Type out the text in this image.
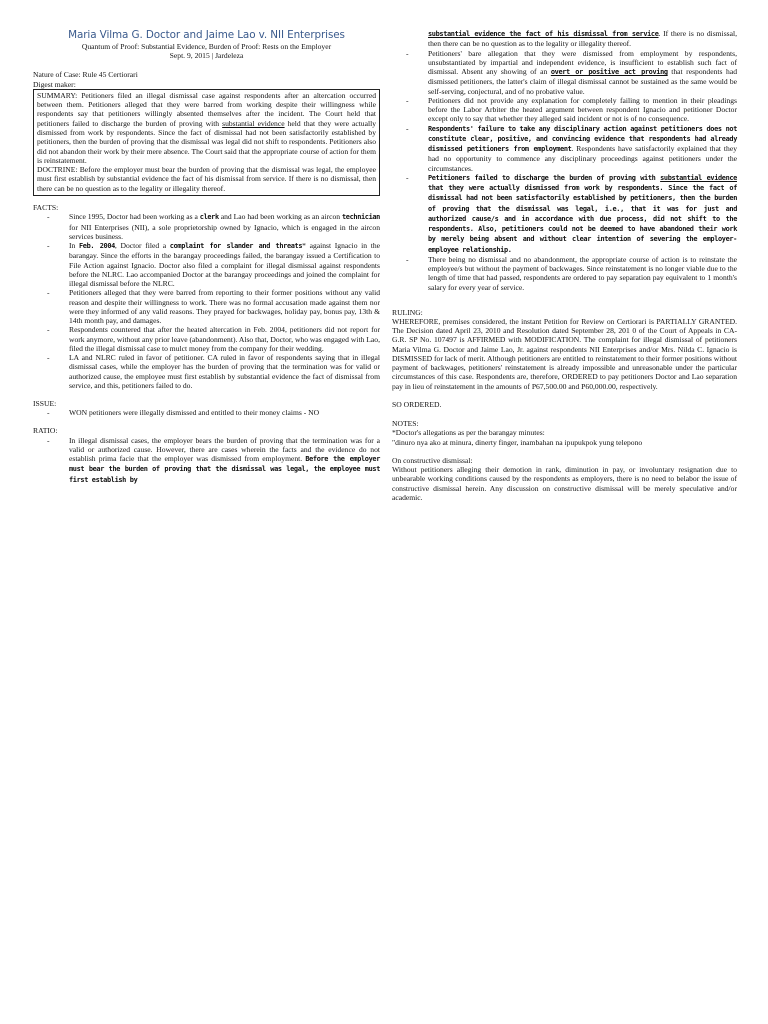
Maria Vilma G. Doctor and Jaime Lao v. NII Enterprises
Quantum of Proof: Substantial Evidence, Burden of Proof: Rests on the Employer
Sept. 9, 2015 | Jardeleza
Nature of Case: Rule 45 Certiorari
Digest maker:

SUMMARY: Petitioners filed an illegal dismissal case against respondents after an altercation occurred between them. Petitioners alleged that they were barred from working despite their willingness while respondents say that petitioners willingly absented themselves after the incident. The Court held that petitioners failed to discharge the burden of proving with substantial evidence held that they were actually dismissed from work by respondents. Since the fact of dismissal had not been satisfactorily established by petitioners, then the burden of proving that the dismissal was legal did not shift to respondents. Petitioners also did not abandon their work by their mere absence. The Court said that the appropriate course of action for them is reinstatement.

DOCTRINE: Before the employer must bear the burden of proving that the dismissal was legal, the employee must first establish by substantial evidence the fact of his dismissal from service. If there is no dismissal, then there can be no question as to the legality or illegality thereof.

FACTS:
- Since 1995, Doctor had been working as a clerk and Lao had been working as an aircon technician for NII Enterprises (NII), a sole proprietorship owned by Ignacio, which is engaged in the aircon services business.
- In Feb. 2004, Doctor filed a complaint for slander and threats* against Ignacio in the barangay. Since the efforts in the barangay proceedings failed, the barangay issued a Certification to File Action against Ignacio. Doctor also filed a complaint for illegal dismissal against respondents before the NLRC. Lao accompanied Doctor at the barangay proceedings and joined the complaint for illegal dismissal before the NLRC.
- Petitioners alleged that they were barred from reporting to their former positions without any valid reason and despite their willingness to work. There was no formal accusation made against them nor were they informed of any valid reasons. They prayed for backwages, holiday pay, bonus pay, 13th & 14th month pay, and damages.
- Respondents countered that after the heated altercation in Feb. 2004, petitioners did not report for work anymore, without any prior leave (abandonment). Also that, Doctor, who was engaged with Lao, filed the illegal dismissal case to mulct money from the company for their wedding.
- LA and NLRC ruled in favor of petitioner. CA ruled in favor of respondents saying that in illegal dismissal cases, while the employer has the burden of proving that the termination was for valid or authorized cause, the employee must first establish by substantial evidence the fact of dismissal from service, and this, petitioners failed to do.
ISSUE:
- WON petitioners were illegally dismissed and entitled to their money claims - NO
RATIO:
- In illegal dismissal cases, the employer bears the burden of proving that the termination was for a valid or authorized cause. However, there are cases wherein the facts and the evidence do not establish prima facie that the employer was dismissed from employment. Before the employer must bear the burden of proving that the dismissal was legal, the employee must first establish by
substantial evidence the fact of his dismissal from service. If there is no dismissal, then there can be no question as to the legality or illegality thereof.
- Petitioners' bare allegation that they were dismissed from employment by respondents, unsubstantiated by impartial and independent evidence, is insufficient to establish such fact of dismissal. Absent any showing of an overt or positive act proving that respondents had dismissed petitioners, the latter's claim of illegal dismissal cannot be sustained as the same would be self-serving, conjectural, and of no probative value.
- Petitioners did not provide any explanation for completely failing to mention in their pleadings before the Labor Arbiter the heated argument between respondent Ignacio and petitioner Doctor except only to say that whether they alleged said incident or not is of no consequence.
- Respondents' failure to take any disciplinary action against petitioners does not constitute clear, positive, and convincing evidence that respondents had already dismissed petitioners from employment. Respondents have satisfactorily explained that they had no opportunity to commence any disciplinary proceedings against petitioners under the circumstances.
- Petitioners failed to discharge the burden of proving with substantial evidence that they were actually dismissed from work by respondents. Since the fact of dismissal had not been satisfactorily established by petitioners, then the burden of proving that the dismissal was legal, i.e., that it was for just and authorized cause/s and in accordance with due process, did not shift to the respondents. Also, petitioners could not be deemed to have abandoned their work by merely being absent and without clear intention of severing the employer-employee relationship.
- There being no dismissal and no abandonment, the appropriate course of action is to reinstate the employee/s but without the payment of backwages. Since reinstatement is no longer viable due to the length of time that had passed, respondents are ordered to pay separation pay equivalent to 1 month's salary for every year of service.
RULING:

WHEREFORE, premises considered, the instant Petition for Review on Certiorari is PARTIALLY GRANTED. The Decision dated April 23, 2010 and Resolution dated September 28, 201 0 of the Court of Appeals in CA-G.R. SP No. 107497 is AFFIRMED with MODIFICATION. The complaint for illegal dismissal of petitioners Maria Vilma G. Doctor and Jaime Lao, Jr. against respondents NII Enterprises and/or Mrs. Nilda C. Ignacio is DISMISSED for lack of merit. Although petitioners are entitled to reinstatement to their former positions without payment of backwages, petitioners' reinstatement is already impossible and unreasonable under the particular circumstances of this case. Respondents are, therefore, ORDERED to pay petitioners Doctor and Lao separation pay in lieu of reinstatement in the amounts of P67,500.00 and P60,000.00, respectively.

SO ORDERED.

NOTES:

*Doctor's allegations as per the barangay minutes:

"dinuro nya ako at minura, dinerty finger, inambahan na ipupukpok yung telepono

On constructive dismissal:

Without petitioners alleging their demotion in rank, diminution in pay, or involuntary resignation due to unbearable working conditions caused by the respondents as employers, there is no need to belabor the issue of constructive dismissal herein. Any discussion on constructive dismissal will be merely speculative and/or academic.
